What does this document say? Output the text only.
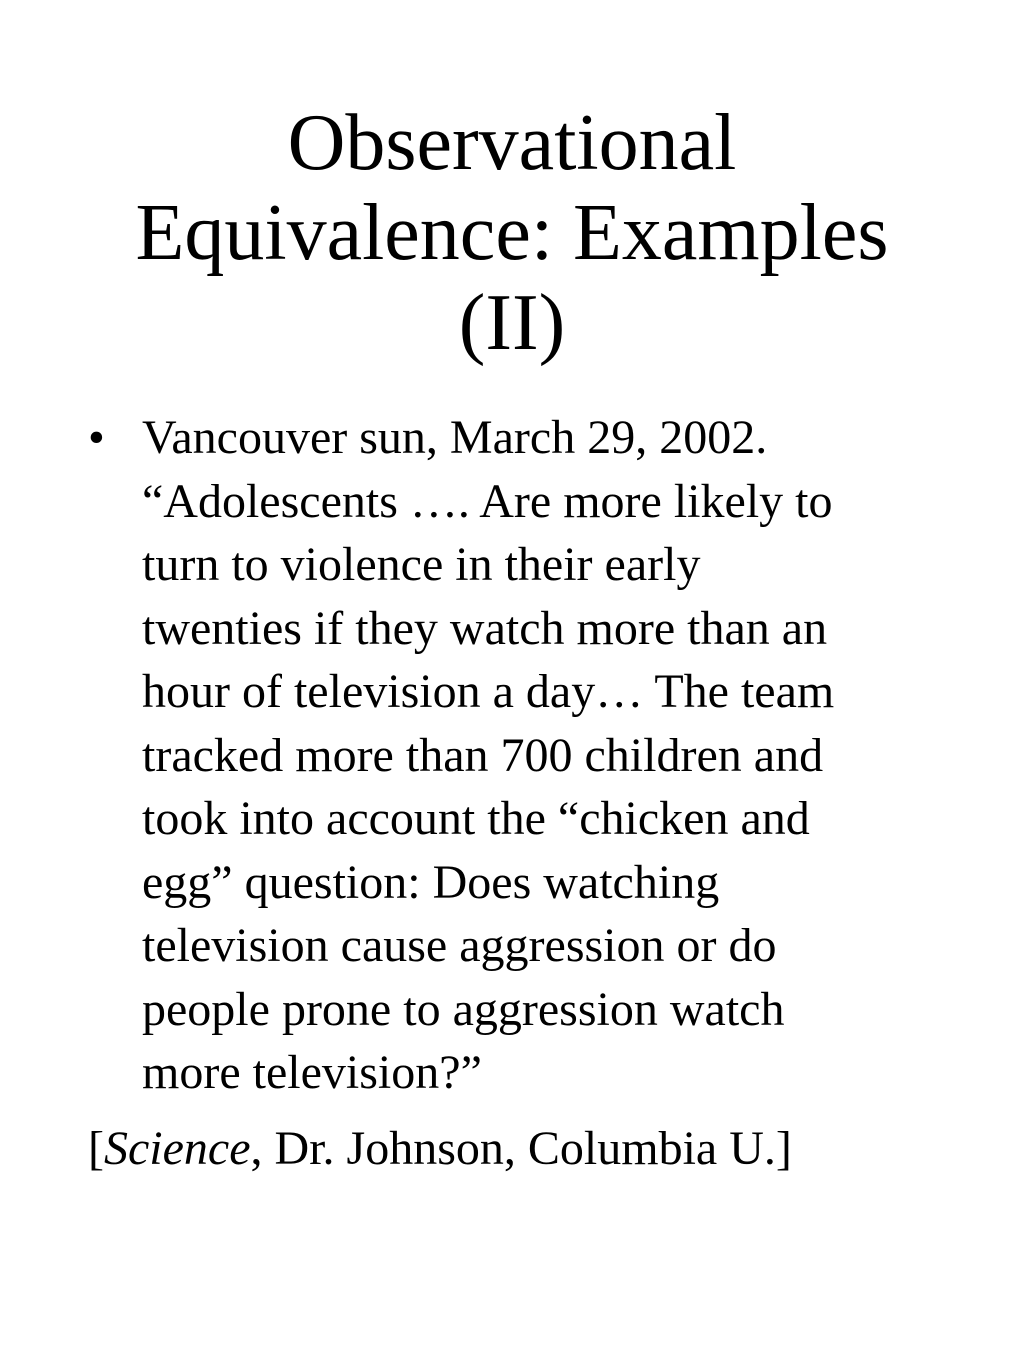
Observational
Equivalence: Examples
(II)
• Vancouver sun, March 29, 2002.
“Adolescents …. Are more likely to
turn to violence in their early
twenties if they watch more than an
hour of television a day… The team
tracked more than 700 children and
took into account the “chicken and
egg” question: Does watching
television cause aggression or do
people prone to aggression watch
more television?”

[Science, Dr. Johnson, Columbia U.]
